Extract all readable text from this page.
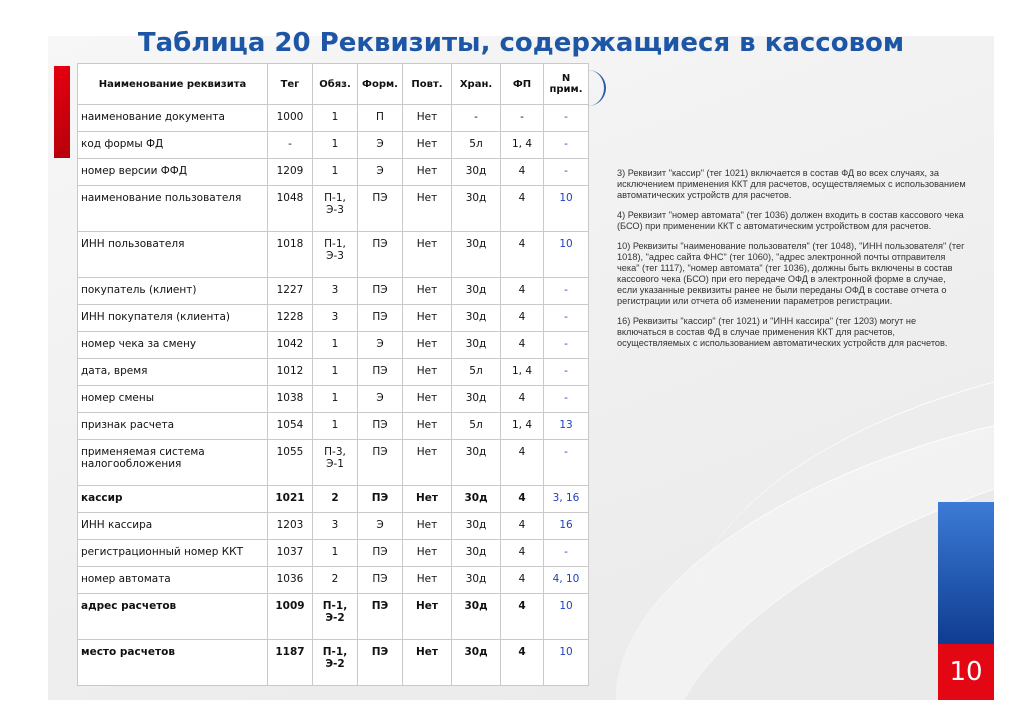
Таблица 20 Реквизиты, содержащиеся в кассовом
Наименование реквизита	Тег	Обяз.	Форм.	Повт.	Хран.	ФП	N прим.
наименование документа	1000	1	П	Нет	-	-	-
код формы ФД	-	1	Э	Нет	5л	1, 4	-
номер версии ФФД	1209	1	Э	Нет	30д	4	-
наименование пользователя	1048	П-1, Э-3	ПЭ	Нет	30д	4	10
ИНН пользователя	1018	П-1, Э-3	ПЭ	Нет	30д	4	10
покупатель (клиент)	1227	3	ПЭ	Нет	30д	4	-
ИНН покупателя (клиента)	1228	3	ПЭ	Нет	30д	4	-
номер чека за смену	1042	1	Э	Нет	30д	4	-
дата, время	1012	1	ПЭ	Нет	5л	1, 4	-
номер смены	1038	1	Э	Нет	30д	4	-
признак расчета	1054	1	ПЭ	Нет	5л	1, 4	13
применяемая система налогообложения	1055	П-3, Э-1	ПЭ	Нет	30д	4	-
кассир	1021	2	ПЭ	Нет	30д	4	3, 16
ИНН кассира	1203	3	Э	Нет	30д	4	16
регистрационный номер ККТ	1037	1	ПЭ	Нет	30д	4	-
номер автомата	1036	2	ПЭ	Нет	30д	4	4, 10
адрес расчетов	1009	П-1, Э-2	ПЭ	Нет	30д	4	10
место расчетов	1187	П-1, Э-2	ПЭ	Нет	30д	4	10

3) Реквизит "кассир" (тег 1021) включается в состав ФД во всех случаях, за исключением применения ККТ для расчетов, осуществляемых с использованием автоматических устройств для расчетов.

4) Реквизит "номер автомата" (тег 1036) должен входить в состав кассового чека (БСО) при применении ККТ с автоматическим устройством для расчетов.

10) Реквизиты "наименование пользователя" (тег 1048), "ИНН пользователя" (тег 1018), "адрес сайта ФНС" (тег 1060), "адрес электронной почты отправителя чека" (тег 1117), "номер автомата" (тег 1036), должны быть включены в состав кассового чека (БСО) при его передаче ОФД в электронной форме в случае, если указанные реквизиты ранее не были переданы ОФД в составе отчета о регистрации или отчета об изменении параметров регистрации.

16) Реквизиты "кассир" (тег 1021) и "ИНН кассира" (тег 1203) могут не включаться в состав ФД в случае применения ККТ для расчетов, осуществляемых с использованием автоматических устройств для расчетов.

10
